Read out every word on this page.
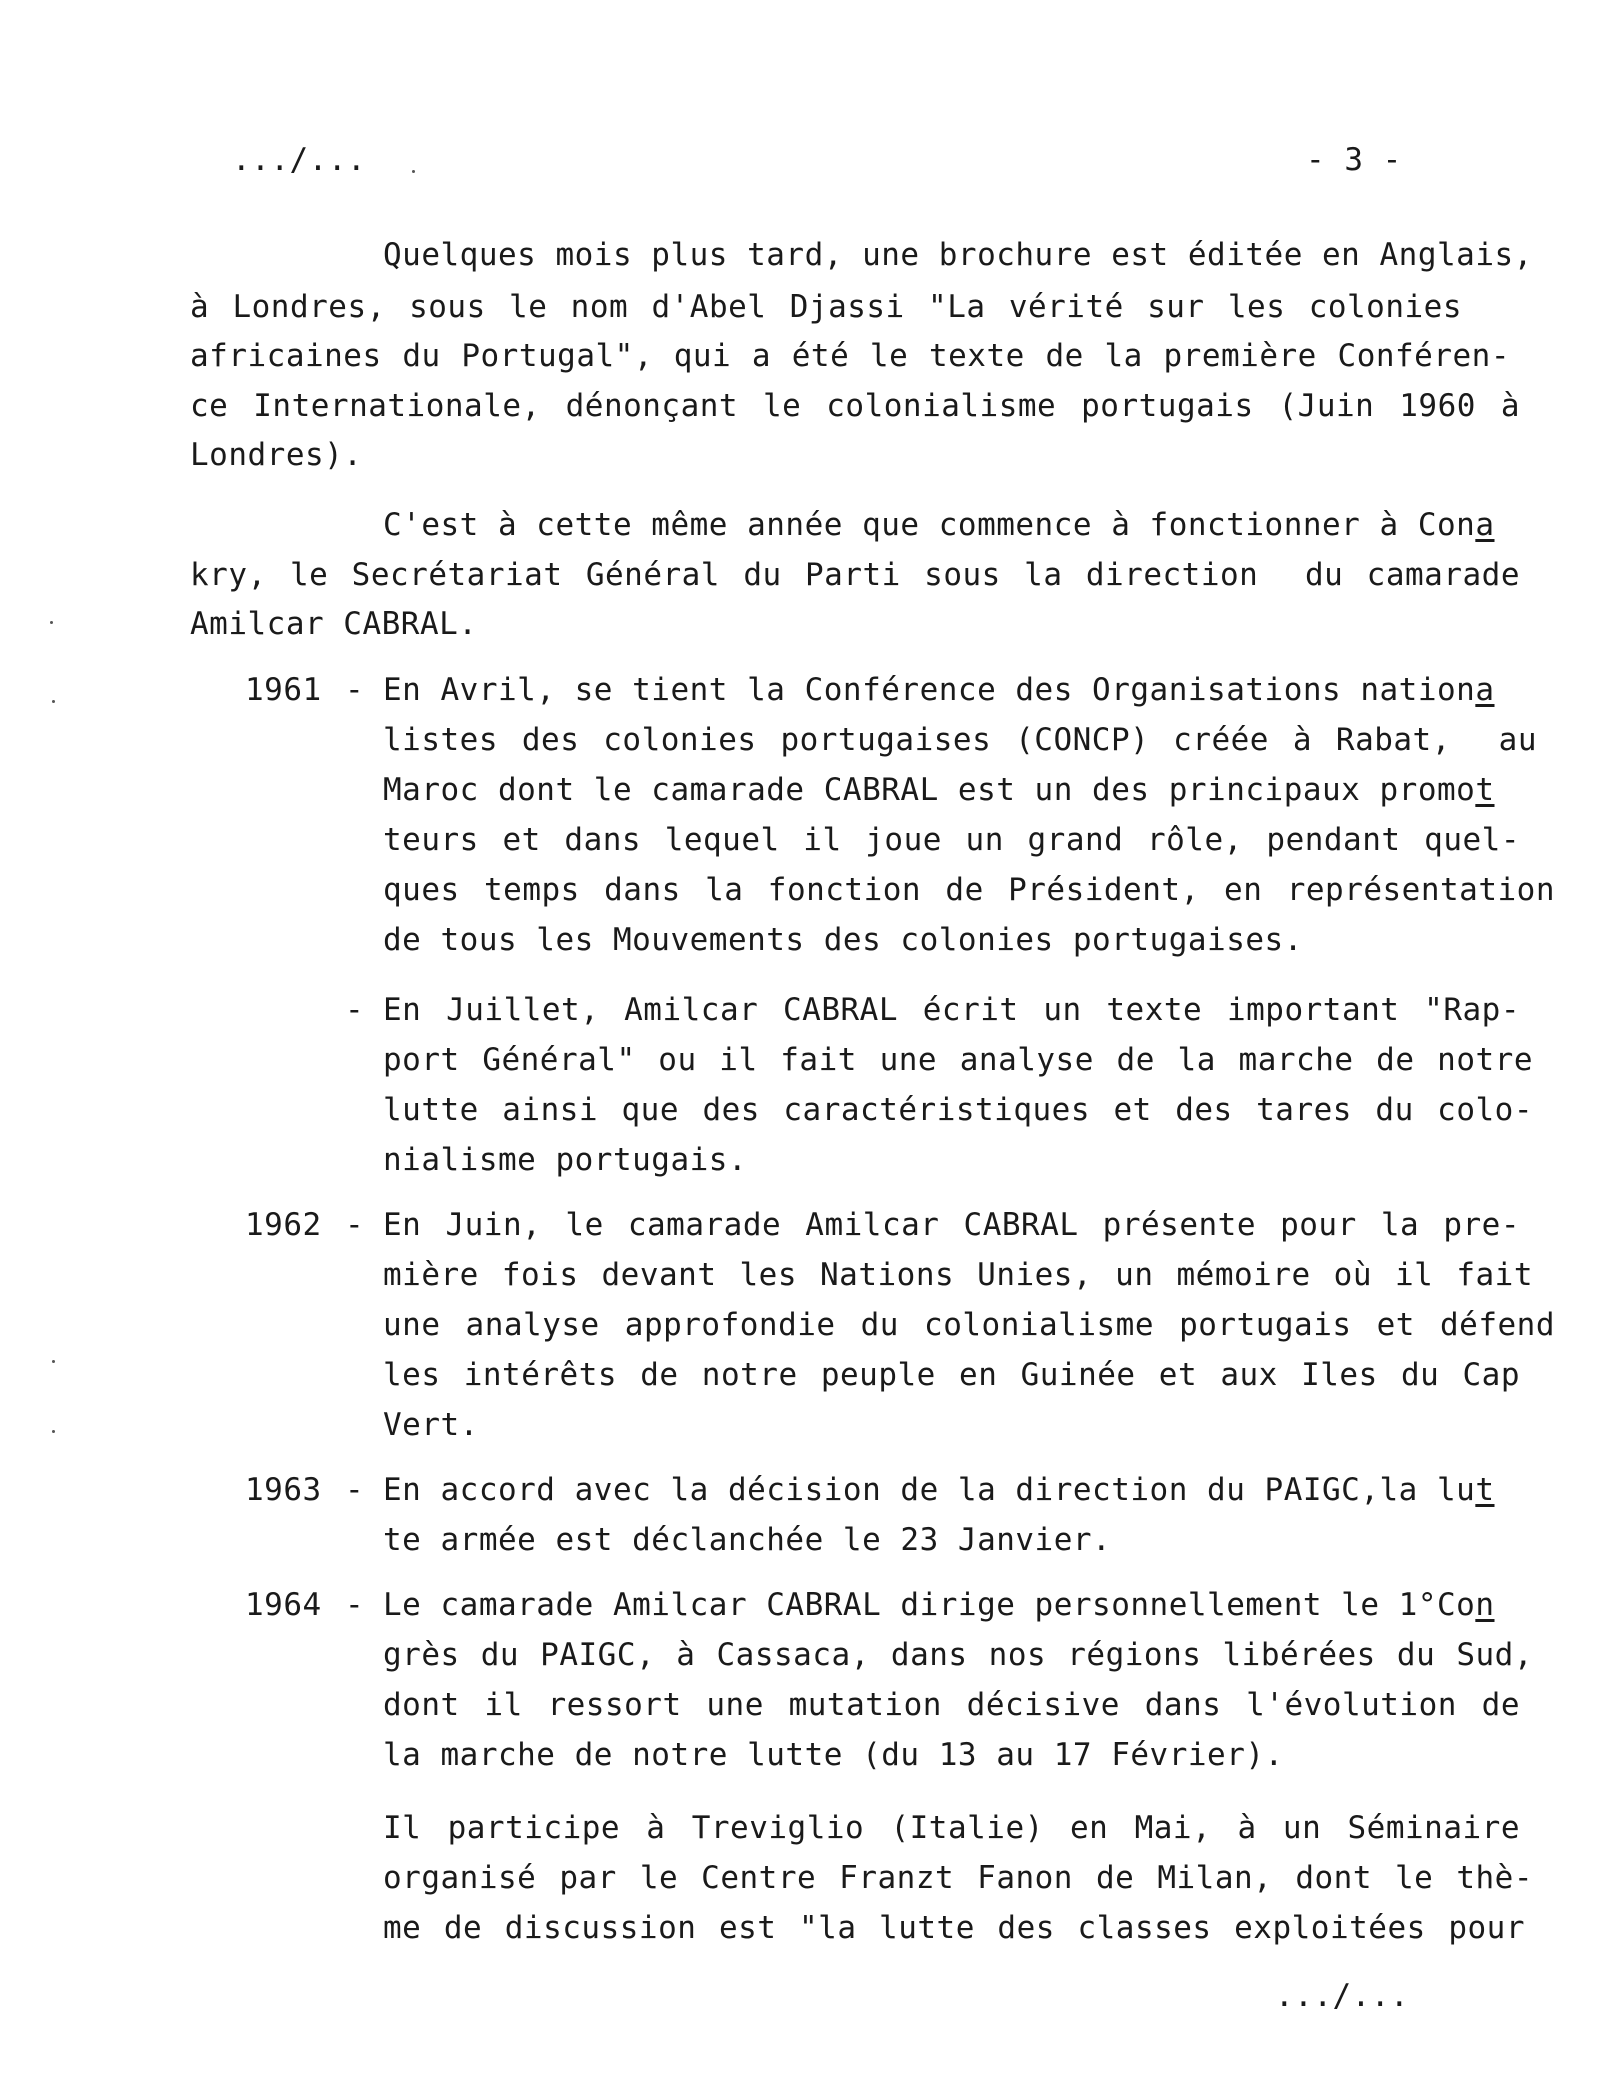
.../...	- 3 -
Quelques mois plus tard, une brochure est éditée en Anglais,
à Londres, sous le nom d'Abel Djassi "La vérité sur les colonies
africaines du Portugal", qui a été le texte de la première Conféren-
ce Internationale, dénonçant le colonialisme portugais (Juin 1960 à
Londres).
C'est à cette même année que commence à fonctionner à Cona
kry, le Secrétariat Général du Parti sous la direction  du camarade
Amilcar CABRAL.
1961 - En Avril, se tient la Conférence des Organisations nationa
listes des colonies portugaises (CONCP) créée à Rabat,  au
Maroc dont le camarade CABRAL est un des principaux promot
teurs et dans lequel il joue un grand rôle, pendant quel-
ques temps dans la fonction de Président, en représentation
de tous les Mouvements des colonies portugaises.
- En Juillet, Amilcar CABRAL écrit un texte important "Rap-
port Général" ou il fait une analyse de la marche de notre
lutte ainsi que des caractéristiques et des tares du colo-
nialisme portugais.
1962 - En Juin, le camarade Amilcar CABRAL présente pour la pre-
mière fois devant les Nations Unies, un mémoire où il fait
une analyse approfondie du colonialisme portugais et défend
les intérêts de notre peuple en Guinée et aux Iles du Cap
Vert.
1963 - En accord avec la décision de la direction du PAIGC,la lut
te armée est déclanchée le 23 Janvier.
1964 - Le camarade Amilcar CABRAL dirige personnellement le 1°Con
grès du PAIGC, à Cassaca, dans nos régions libérées du Sud,
dont il ressort une mutation décisive dans l'évolution de
la marche de notre lutte (du 13 au 17 Février).
Il participe à Treviglio (Italie) en Mai, à un Séminaire
organisé par le Centre Franzt Fanon de Milan, dont le thè-
me de discussion est "la lutte des classes exploitées pour
.../...
